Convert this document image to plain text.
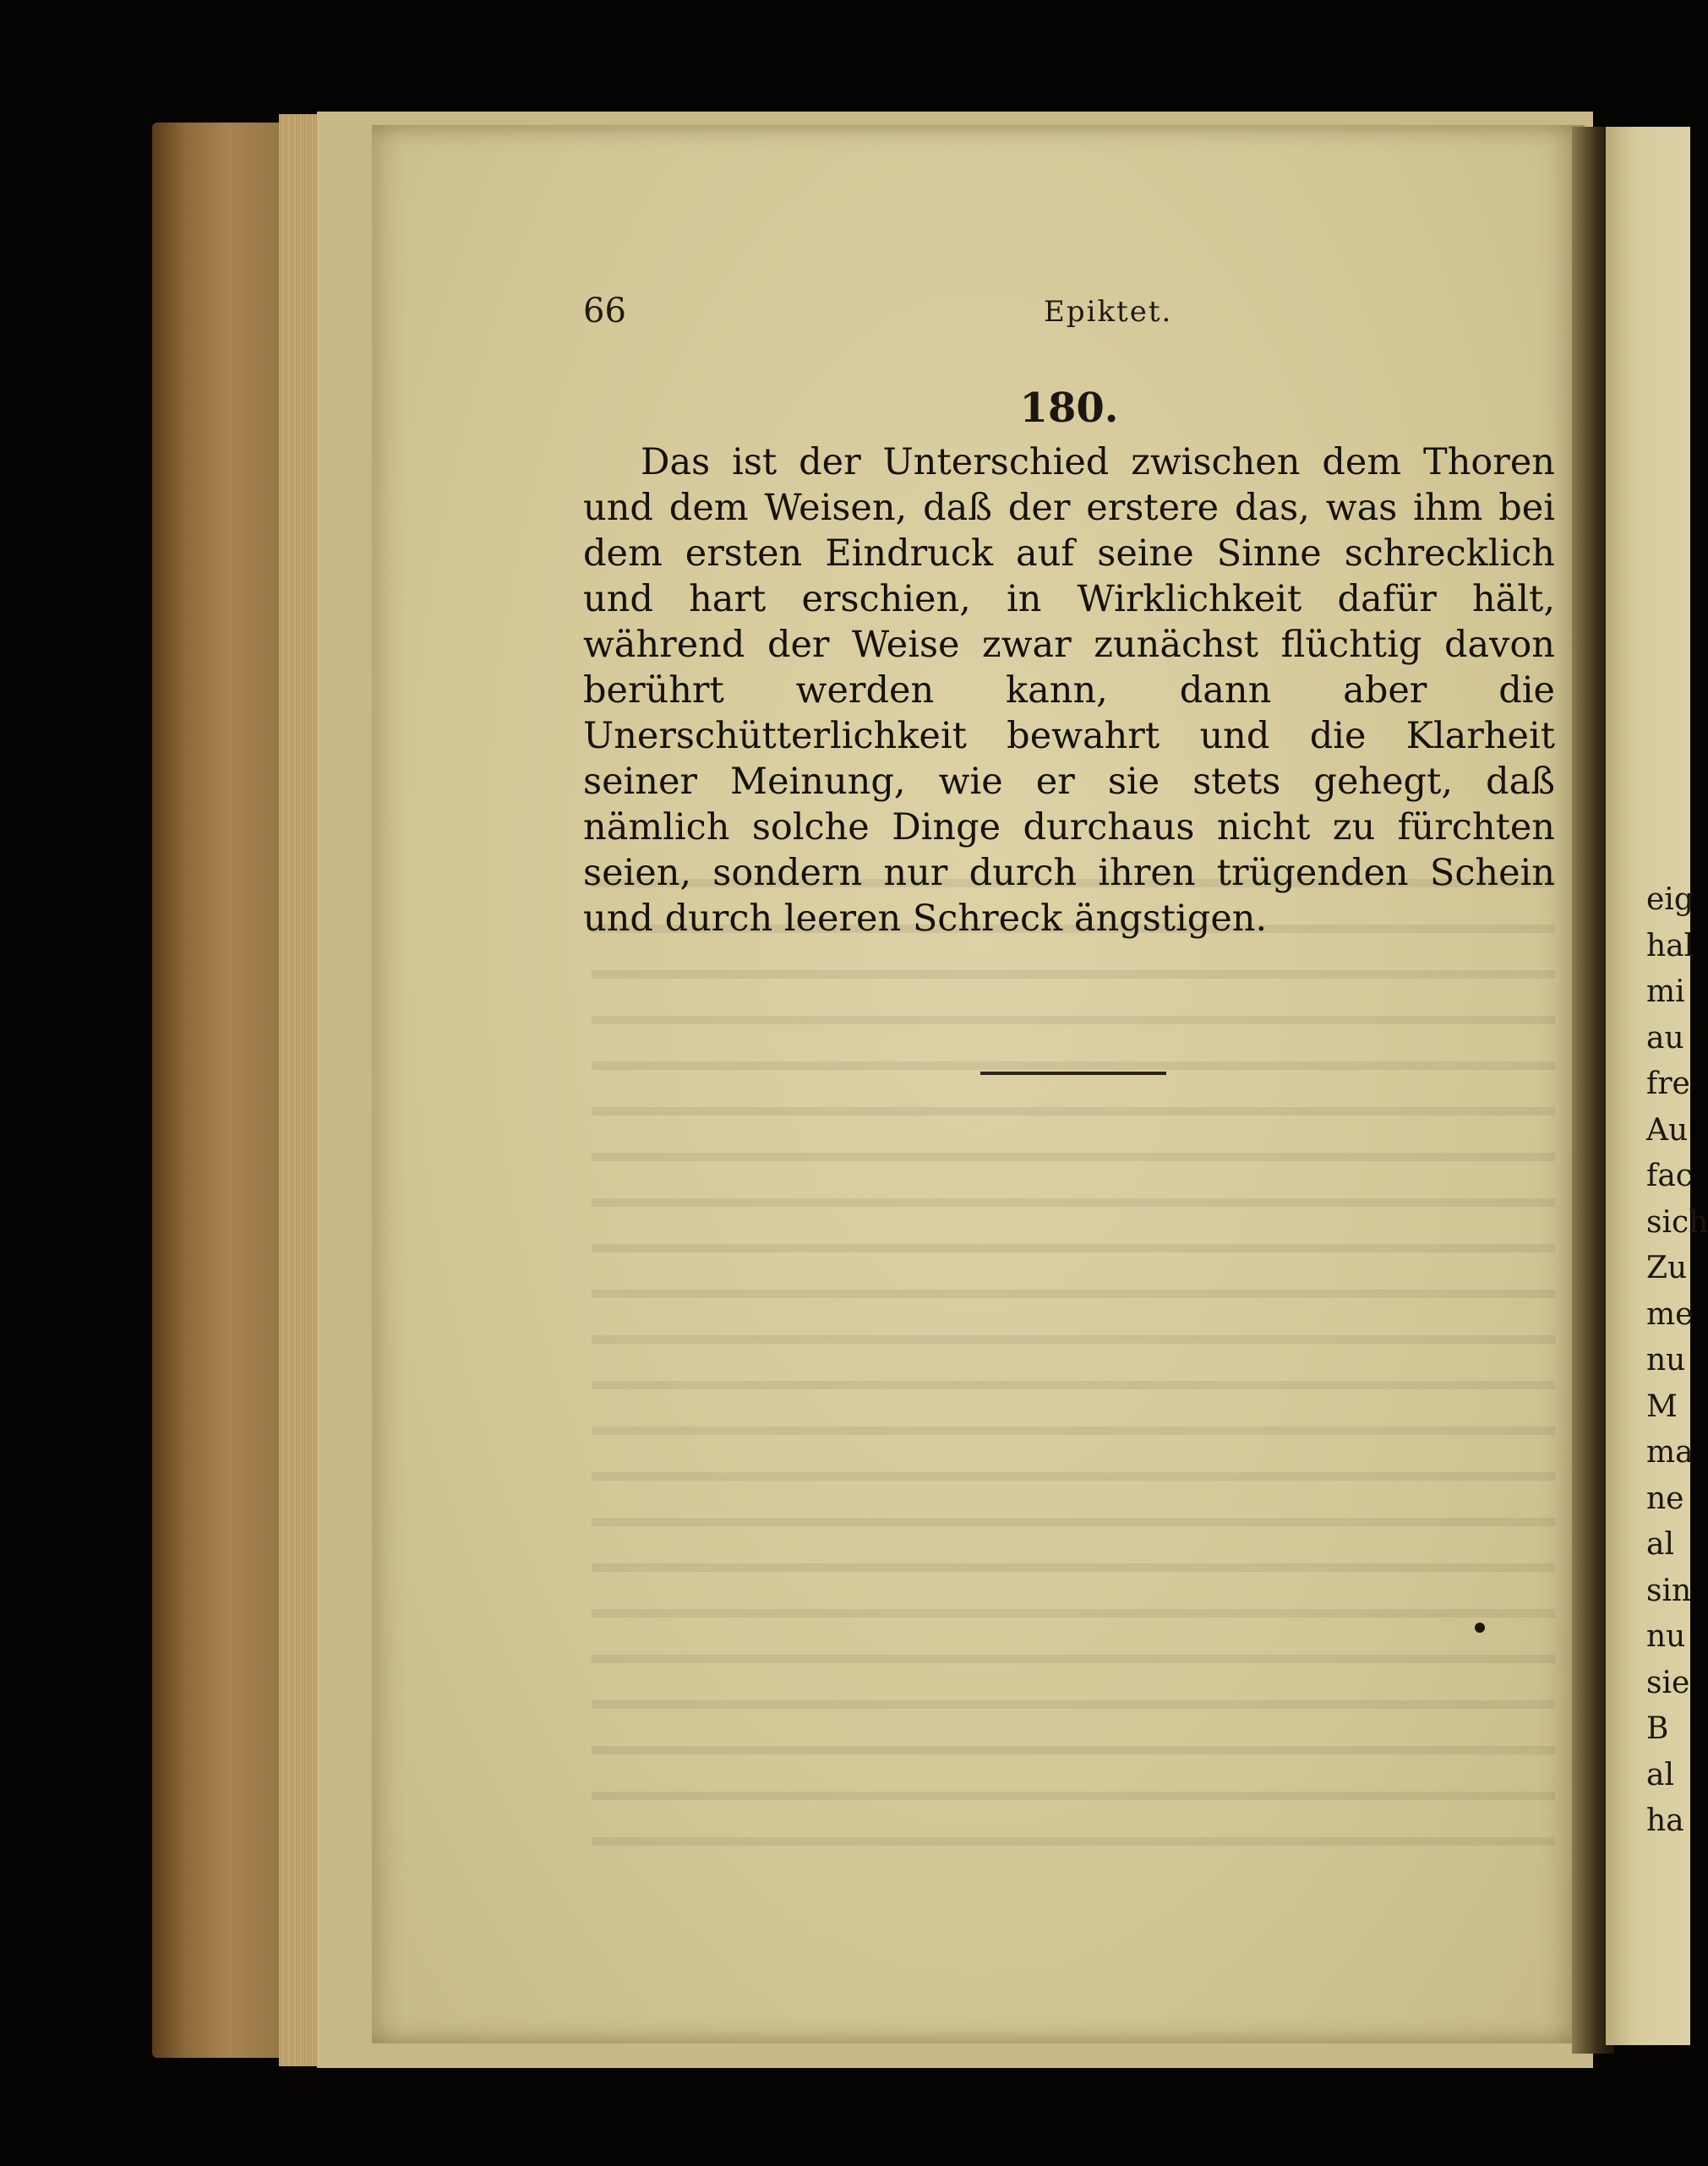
66	Epiktet.
180.

Das ist der Unterschied zwischen dem Thoren und dem Weisen, daß der erstere das, was ihm bei dem ersten Eindruck auf seine Sinne schrecklich und hart erschien, in Wirklichkeit dafür hält, während der Weise zwar zunächst flüchtig davon berührt werden kann, dann aber die Unerschütterlichkeit bewahrt und die Klarheit seiner Meinung, wie er sie stets gehegt, daß nämlich solche Dinge durchaus nicht zu fürchten seien, sondern nur durch ihren trügenden Schein und durch leeren Schreck ängstigen.	eig
hal
mi
au
fre
Au
fac
sich
Zu
me
nu
M
ma
ne
al
sin
nu
sie
B
al
ha
